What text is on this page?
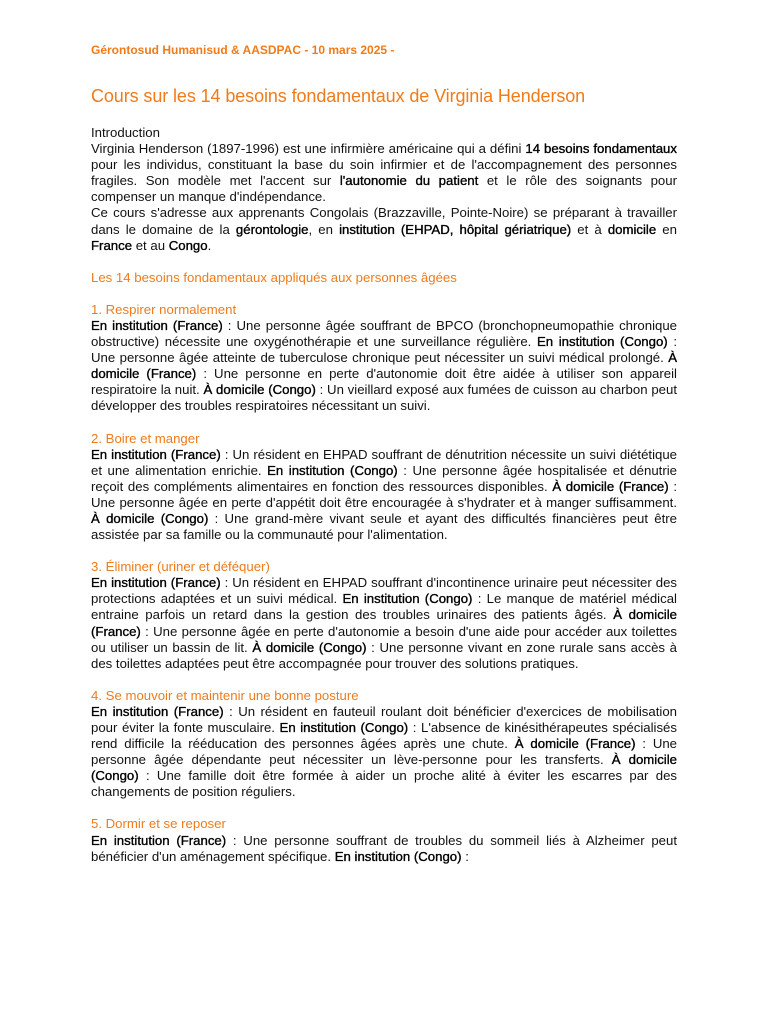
Gérontosud Humanisud & AASDPAC - 10 mars 2025 -
Cours sur les 14 besoins fondamentaux de Virginia Henderson
Introduction

Virginia Henderson (1897-1996) est une infirmière américaine qui a défini 14 besoins fondamentaux pour les individus, constituant la base du soin infirmier et de l'accompagnement des personnes fragiles. Son modèle met l'accent sur l'autonomie du patient et le rôle des soignants pour compenser un manque d'indépendance.

Ce cours s'adresse aux apprenants Congolais (Brazzaville, Pointe-Noire) se préparant à travailler dans le domaine de la gérontologie, en institution (EHPAD, hôpital gériatrique) et à domicile en France et au Congo.

Les 14 besoins fondamentaux appliqués aux personnes âgées
1. Respirer normalement

En institution (France) : Une personne âgée souffrant de BPCO (bronchopneumopathie chronique obstructive) nécessite une oxygénothérapie et une surveillance régulière. En institution (Congo) : Une personne âgée atteinte de tuberculose chronique peut nécessiter un suivi médical prolongé. À domicile (France) : Une personne en perte d'autonomie doit être aidée à utiliser son appareil respiratoire la nuit. À domicile (Congo) : Un vieillard exposé aux fumées de cuisson au charbon peut développer des troubles respiratoires nécessitant un suivi.

2. Boire et manger

En institution (France) : Un résident en EHPAD souffrant de dénutrition nécessite un suivi diététique et une alimentation enrichie. En institution (Congo) : Une personne âgée hospitalisée et dénutrie reçoit des compléments alimentaires en fonction des ressources disponibles. À domicile (France) : Une personne âgée en perte d'appétit doit être encouragée à s'hydrater et à manger suffisamment. À domicile (Congo) : Une grand-mère vivant seule et ayant des difficultés financières peut être assistée par sa famille ou la communauté pour l'alimentation.

3. Éliminer (uriner et déféquer)

En institution (France) : Un résident en EHPAD souffrant d'incontinence urinaire peut nécessiter des protections adaptées et un suivi médical. En institution (Congo) : Le manque de matériel médical entraine parfois un retard dans la gestion des troubles urinaires des patients âgés. À domicile (France) : Une personne âgée en perte d'autonomie a besoin d'une aide pour accéder aux toilettes ou utiliser un bassin de lit. À domicile (Congo) : Une personne vivant en zone rurale sans accès à des toilettes adaptées peut être accompagnée pour trouver des solutions pratiques.

4. Se mouvoir et maintenir une bonne posture

En institution (France) : Un résident en fauteuil roulant doit bénéficier d'exercices de mobilisation pour éviter la fonte musculaire. En institution (Congo) : L'absence de kinésithérapeutes spécialisés rend difficile la rééducation des personnes âgées après une chute. À domicile (France) : Une personne âgée dépendante peut nécessiter un lève-personne pour les transferts. À domicile (Congo) : Une famille doit être formée à aider un proche alité à éviter les escarres par des changements de position réguliers.

5. Dormir et se reposer

En institution (France) : Une personne souffrant de troubles du sommeil liés à Alzheimer peut bénéficier d'un aménagement spécifique. En institution (Congo) :
